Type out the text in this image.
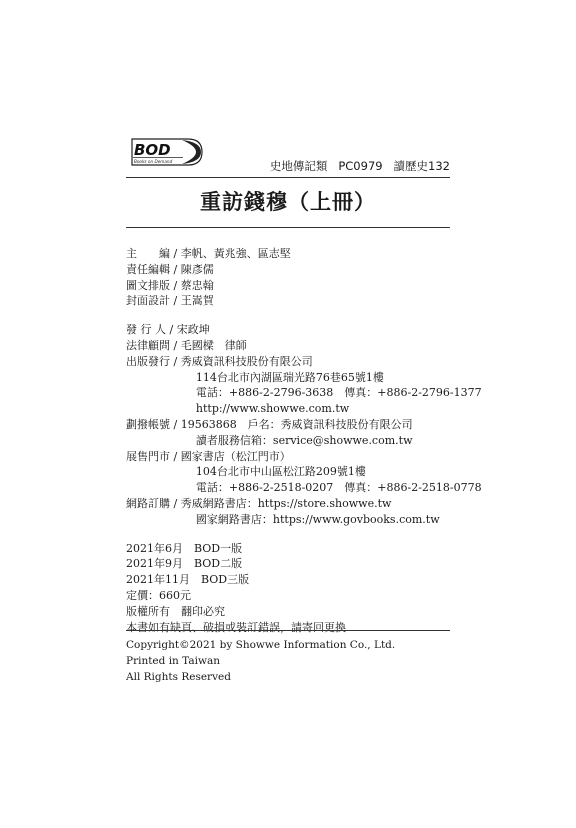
BOD
Books on Demand	史地傳記類   PC0979   讀歷史132
重訪錢穆（上冊）
主　　編 / 李帆、黃兆強、區志堅
責任編輯 / 陳彥儒
圖文排版 / 蔡忠翰
封面設計 / 王嵩賀
發 行 人 / 宋政坤
法律顧問 / 毛國樑　律師
出版發行 / 秀威資訊科技股份有限公司
114台北市內湖區瑞光路76巷65號1樓
電話：+886-2-2796-3638　傳真：+886-2-2796-1377
http://www.showwe.com.tw
劃撥帳號 / 19563868　戶名：秀威資訊科技股份有限公司
讀者服務信箱：service@showwe.com.tw
展售門市 / 國家書店（松江門市）
104台北市中山區松江路209號1樓
電話：+886-2-2518-0207　傳真：+886-2-2518-0778
網路訂購 / 秀威網路書店：https://store.showwe.tw
國家網路書店：https://www.govbooks.com.tw
2021年6月　BOD一版
2021年9月　BOD二版
2021年11月　BOD三版
定價：660元
版權所有　翻印必究
本書如有缺頁、破損或裝訂錯誤，請寄回更換
Copyright©2021 by Showwe Information Co., Ltd.
Printed in Taiwan
All Rights Reserved
